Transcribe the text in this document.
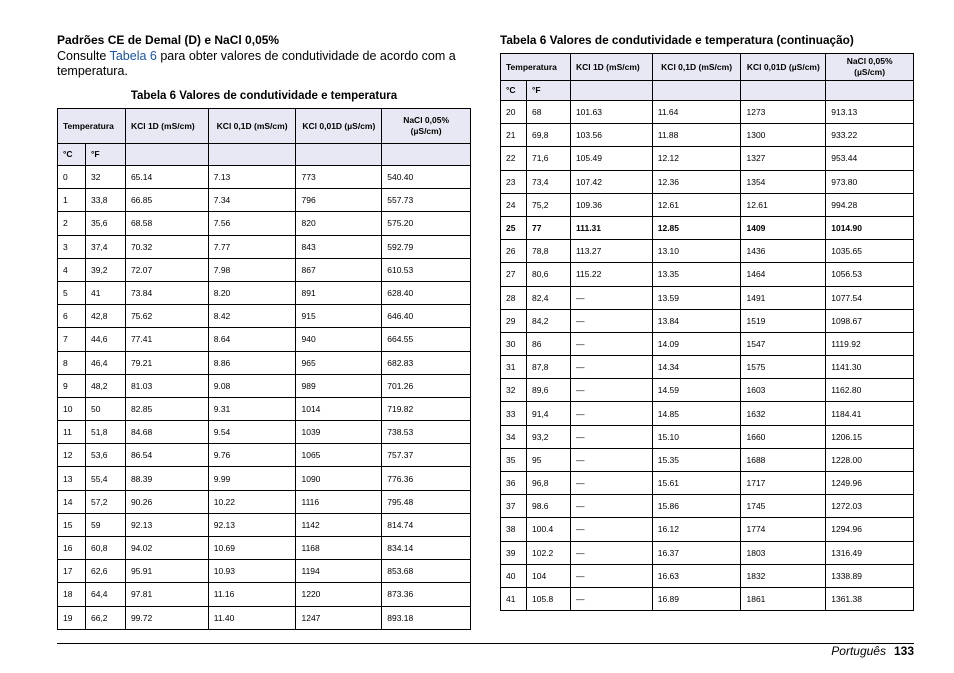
Padrões CE de Demal (D) e NaCl 0,05%

Consulte Tabela 6 para obter valores de condutividade de acordo com a temperatura.

Tabela 6 Valores de condutividade e temperatura
Temperatura		KCl 1D (mS/cm)	KCl 0,1D (mS/cm)	KCl 0,01D (µS/cm)	NaCl 0,05% (µS/cm)
°C	°F				
0	32	65.14	7.13	773	540.40
1	33,8	66.85	7.34	796	557.73
2	35,6	68.58	7.56	820	575.20
3	37,4	70.32	7.77	843	592.79
4	39,2	72.07	7.98	867	610.53
5	41	73.84	8.20	891	628.40
6	42,8	75.62	8.42	915	646.40
7	44,6	77.41	8.64	940	664.55
8	46,4	79.21	8.86	965	682.83
9	48,2	81.03	9.08	989	701.26
10	50	82.85	9.31	1014	719.82
11	51,8	84.68	9.54	1039	738.53
12	53,6	86.54	9.76	1065	757.37
13	55,4	88.39	9.99	1090	776.36
14	57,2	90.26	10.22	1116	795.48
15	59	92.13	92.13	1142	814.74
16	60,8	94.02	10.69	1168	834.14
17	62,6	95.91	10.93	1194	853.68
18	64,4	97.81	11.16	1220	873.36
19	66,2	99.72	11.40	1247	893.18
Tabela 6 Valores de condutividade e temperatura (continuação)
Temperatura		KCl 1D (mS/cm)	KCl 0,1D (mS/cm)	KCl 0,01D (µS/cm)	NaCl 0,05% (µS/cm)
°C	°F				
20	68	101.63	11.64	1273	913.13
21	69,8	103.56	11.88	1300	933.22
22	71,6	105.49	12.12	1327	953.44
23	73,4	107.42	12.36	1354	973.80
24	75,2	109.36	12.61	12.61	994.28
25	77	111.31	12.85	1409	1014.90
26	78,8	113.27	13.10	1436	1035.65
27	80,6	115.22	13.35	1464	1056.53
28	82,4	—	13.59	1491	1077.54
29	84,2	—	13.84	1519	1098.67
30	86	—	14.09	1547	1119.92
31	87,8	—	14.34	1575	1141.30
32	89,6	—	14.59	1603	1162.80
33	91,4	—	14.85	1632	1184.41
34	93,2	—	15.10	1660	1206.15
35	95	—	15.35	1688	1228.00
36	96,8	—	15.61	1717	1249.96
37	98.6	—	15.86	1745	1272.03
38	100.4	—	16.12	1774	1294.96
39	102.2	—	16.37	1803	1316.49
40	104	—	16.63	1832	1338.89
41	105.8	—	16.89	1861	1361.38
Português 133
